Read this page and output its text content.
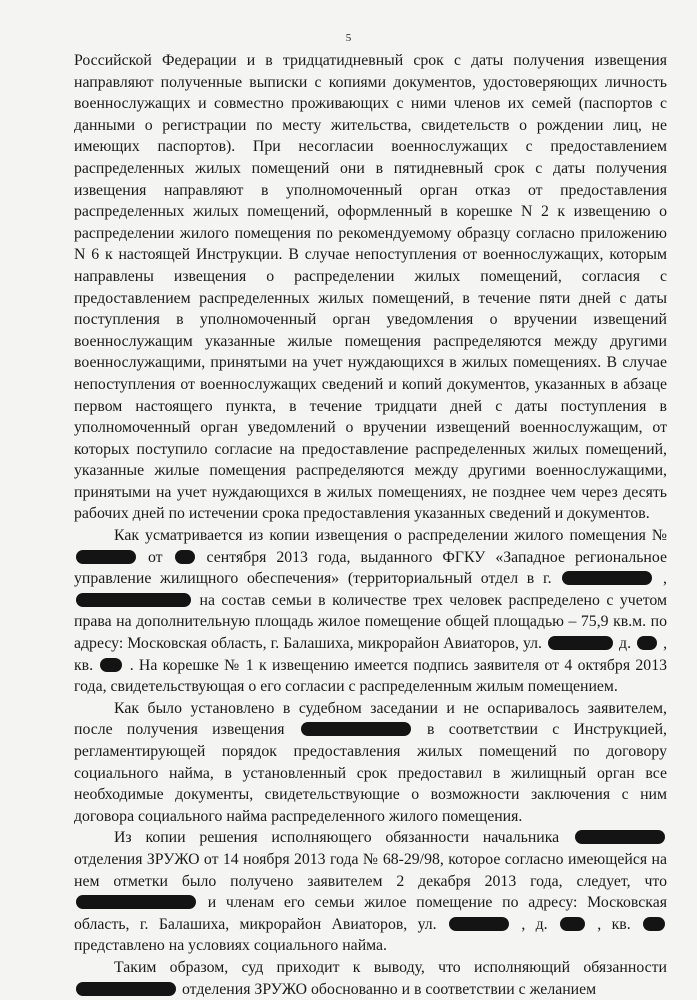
5

Российской Федерации и в тридцатидневный срок с даты получения извещения направляют полученные выписки с копиями документов, удостоверяющих личность военнослужащих и совместно проживающих с ними членов их семей (паспортов с данными о регистрации по месту жительства, свидетельств о рождении лиц, не имеющих паспортов). При несогласии военнослужащих с предоставлением распределенных жилых помещений они в пятидневный срок с даты получения извещения направляют в уполномоченный орган отказ от предоставления распределенных жилых помещений, оформленный в корешке N 2 к извещению о распределении жилого помещения по рекомендуемому образцу согласно приложению N 6 к настоящей Инструкции. В случае непоступления от военнослужащих, которым направлены извещения о распределении жилых помещений, согласия с предоставлением распределенных жилых помещений, в течение пяти дней с даты поступления в уполномоченный орган уведомления о вручении извещений военнослужащим указанные жилые помещения распределяются между другими военнослужащими, принятыми на учет нуждающихся в жилых помещениях. В случае непоступления от военнослужащих сведений и копий документов, указанных в абзаце первом настоящего пункта, в течение тридцати дней с даты поступления в уполномоченный орган уведомлений о вручении извещений военнослужащим, от которых поступило согласие на предоставление распределенных жилых помещений, указанные жилые помещения распределяются между другими военнослужащими, принятыми на учет нуждающихся в жилых помещениях, не позднее чем через десять рабочих дней по истечении срока предоставления указанных сведений и документов.

Как усматривается из копии извещения о распределении жилого помещения №  от	сентября 2013 года, выданного ФГКУ «Западное региональное управление жилищного обеспечения» (территориальный отдел в г.	,  на состав семьи в количестве трех человек распределено с учетом права на дополнительную площадь жилое помещение общей площадью – 75,9 кв.м. по адресу: Московская область, г. Балашиха, микрорайон Авиаторов, ул.	д. , кв. . На корешке № 1 к извещению имеется подпись заявителя от 4 октября 2013 года, свидетельствующая о его согласии с распределенным жилым помещением.

Как было установлено в судебном заседании и не оспаривалось заявителем, после получения извещения	в соответствии с Инструкцией, регламентирующей порядок предоставления жилых помещений по договору социального найма, в установленный срок предоставил в жилищный орган все необходимые документы, свидетельствующие о возможности заключения с ним договора социального найма распределенного жилого помещения.

Из копии решения исполняющего обязанности начальника  отделения ЗРУЖО от 14 ноября 2013 года № 68-29/98, которое согласно имеющейся на нем отметки было получено заявителем 2 декабря 2013 года, следует, что  и членам его семьи жилое помещение по адресу: Московская область, г. Балашиха, микрорайон Авиаторов, ул.	, д.	, кв.  представлено на условиях социального найма.

Таким образом, суд приходит к выводу, что исполняющий обязанности  отделения ЗРУЖО обоснованно и в соответствии с желанием
